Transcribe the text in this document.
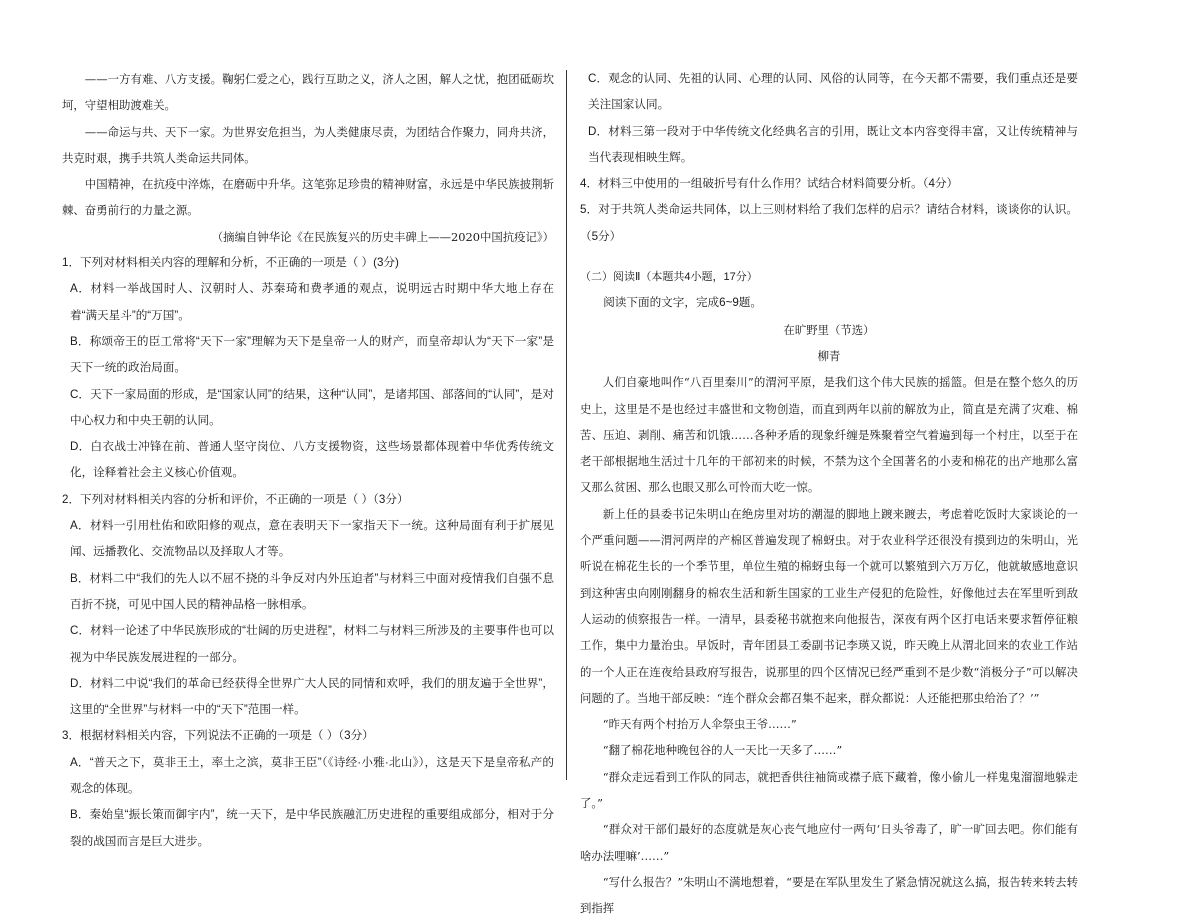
——一方有难、八方支援。鞠躬仁爱之心，践行互助之义，济人之困，解人之忧，抱团砥砺坎坷，守望相助渡难关。

——命运与共、天下一家。为世界安危担当，为人类健康尽责，为团结合作聚力，同舟共济，共克时艰，携手共筑人类命运共同体。

中国精神，在抗疫中淬炼，在磨砺中升华。这笔弥足珍贵的精神财富，永远是中华民族披荆斩棘、奋勇前行的力量之源。

（摘编自钟华论《在民族复兴的历史丰碑上——2020中国抗疫记》）

1．下列对材料相关内容的理解和分析，不正确的一项是（ ）(3分)

A．材料一举战国时人、汉朝时人、苏秦琦和费孝通的观点，说明远古时期中华大地上存在着“满天星斗”的“万国”。

B．称颂帝王的臣工常将“天下一家”理解为天下是皇帝一人的财产，而皇帝却认为“天下一家”是天下一统的政治局面。

C．天下一家局面的形成，是“国家认同”的结果，这种“认同”，是诸邦国、部落间的“认同”，是对中心权力和中央王朝的认同。

D．白衣战士冲锋在前、普通人坚守岗位、八方支援物资，这些场景都体现着中华优秀传统文化，诠释着社会主义核心价值观。

2．下列对材料相关内容的分析和评价，不正确的一项是（ ）（3分）

A．材料一引用杜佑和欧阳修的观点，意在表明天下一家指天下一统。这种局面有利于扩展见闻、远播教化、交流物品以及择取人才等。

B．材料二中“我们的先人以不屈不挠的斗争反对内外压迫者”与材料三中面对疫情我们自强不息百折不挠，可见中国人民的精神品格一脉相承。

C．材料一论述了中华民族形成的“壮阔的历史进程”，材料二与材料三所涉及的主要事件也可以视为中华民族发展进程的一部分。

D．材料二中说“我们的革命已经获得全世界广大人民的同情和欢呼，我们的朋友遍于全世界”，这里的“全世界”与材料一中的“天下”范围一样。

3．根据材料相关内容，下列说法不正确的一项是（ ）（3分）

A．“普天之下，莫非王土，率土之滨，莫非王臣”（《诗经·小雅·北山》），这是天下是皇帝私产的观念的体现。

B．秦始皇“振长策而御宇内”，统一天下，是中华民族融汇历史进程的重要组成部分，相对于分裂的战国而言是巨大进步。

C．观念的认同、先祖的认同、心理的认同、风俗的认同等，在今天都不需要，我们重点还是要关注国家认同。

D．材料三第一段对于中华传统文化经典名言的引用，既让文本内容变得丰富，又让传统精神与当代表现相映生辉。

4．材料三中使用的一组破折号有什么作用？试结合材料简要分析。（4分）

5．对于共筑人类命运共同体，以上三则材料给了我们怎样的启示？请结合材料，谈谈你的认识。（5分）

（二）阅读Ⅱ（本题共4小题，17分）

阅读下面的文字，完成6~9题。

在旷野里（节选）

柳青

人们自豪地叫作“八百里秦川”的渭河平原，是我们这个伟大民族的摇篮。但是在整个悠久的历史上，这里是不是也经过丰盛世和文物创造，而直到两年以前的解放为止，简直是充满了灾难、棉苦、压迫、剥削、痛苦和饥饿……各种矛盾的现象纤缠是殊聚着空气着遍到每一个村庄，以至于在老干部根据地生活过十几年的干部初来的时候，不禁为这个全国著名的小麦和棉花的出产地那么富又那么贫困、那么也眼又那么可怜而大吃一惊。

新上任的县委书记朱明山在绝房里对坊的潮湿的脚地上踱来踱去，考虑着吃饭时大家谈论的一个严重问题——渭河两岸的产棉区普遍发现了棉蚜虫。对于农业科学还很没有摸到边的朱明山，光听说在棉花生长的一个季节里，单位生殖的棉蚜虫每一个就可以繁殖到六万万亿，他就敏感地意识到这种害虫向刚刚翻身的棉农生活和新生国家的工业生产侵犯的危险性，好像他过去在军里听到敌人运动的侦察报告一样。一清早，县委秘书就抱来向他报告，深夜有两个区打电话来要求暂停征粮工作，集中力量治虫。早饭时，青年团县工委副书记李瑛又说，昨天晚上从渭北回来的农业工作站的一个人正在连夜给县政府写报告，说那里的四个区情况已经严重到不是少数“消极分子”可以解决问题的了。当地干部反映：“连个群众会都召集不起来，群众都说：人还能把那虫给治了？’”

“昨天有两个村抬万人伞祭虫王爷……”

“翻了棉花地种晚包谷的人一天比一天多了……”

“群众走远看到工作队的同志，就把香供往袖筒或襟子底下藏着，像小偷儿一样鬼鬼溜溜地躲走了。”

“群众对干部们最好的态度就是灰心丧气地应付一两句‘日头爷毒了，旷一旷回去吧。你们能有啥办法哩嘛’……”

“写什么报告？”朱明山不满地想着，“要是在军队里发生了紧急情况就这么搞，报告转来转去转到指挥
